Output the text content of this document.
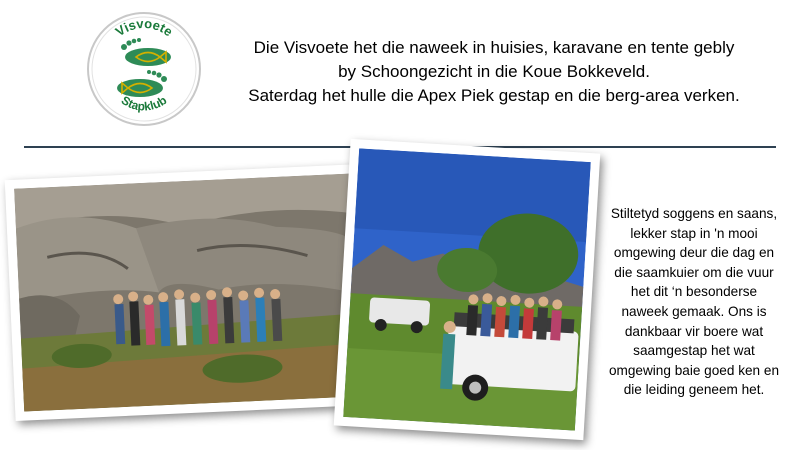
Visvoete
Stapklub
Die Visvoete het die naweek in huisies, karavane en tente gebly
by Schoongezicht in die Koue Bokkeveld.
Saterdag het hulle die Apex Piek gestap en die berg-area verken.
Stiltetyd soggens en saans,
lekker stap in 'n mooi
omgewing deur die dag en
die saamkuier om die vuur
het dit ‘n besonderse
naweek gemaak. Ons is
dankbaar vir boere wat
saamgestap het wat
omgewing baie goed ken en
die leiding geneem het.
